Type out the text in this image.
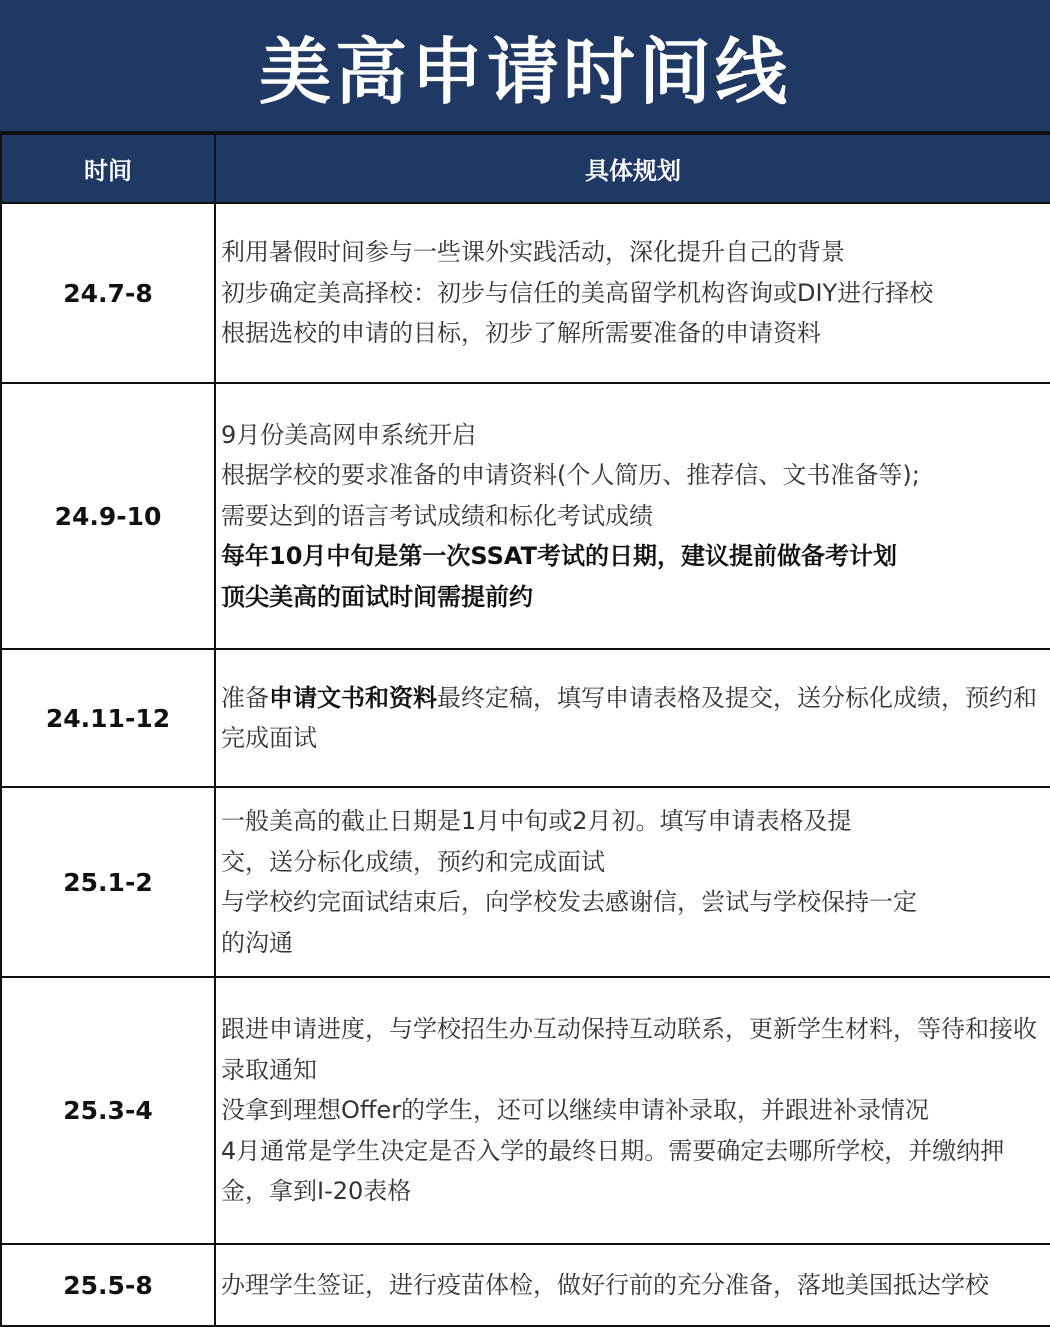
美高申请时间线
时间	具体规划
24.7-8	利用暑假时间参与一些课外实践活动，深化提升自己的背景
初步确定美高择校：初步与信任的美高留学机构咨询或DIY进行择校
根据选校的申请的目标，初步了解所需要准备的申请资料

24.9-10	9月份美高网申系统开启
根据学校的要求准备的申请资料(个人简历、推荐信、文书准备等);
需要达到的语言考试成绩和标化考试成绩
每年10月中旬是第一次SSAT考试的日期，建议提前做备考计划
顶尖美高的面试时间需提前约

24.11-12	准备申请文书和资料最终定稿，填写申请表格及提交，送分标化成绩，预约和完成面试

25.1-2	一般美高的截止日期是1月中旬或2月初。填写申请表格及提
交，送分标化成绩，预约和完成面试
与学校约完面试结束后，向学校发去感谢信，尝试与学校保持一定
的沟通

25.3-4	跟进申请进度，与学校招生办互动保持互动联系，更新学生材料，等待和接收录取通知
没拿到理想Offer的学生，还可以继续申请补录取，并跟进补录情况
4月通常是学生决定是否入学的最终日期。需要确定去哪所学校，并缴纳押金，拿到I-20表格

25.5-8	办理学生签证，进行疫苗体检，做好行前的充分准备，落地美国抵达学校
